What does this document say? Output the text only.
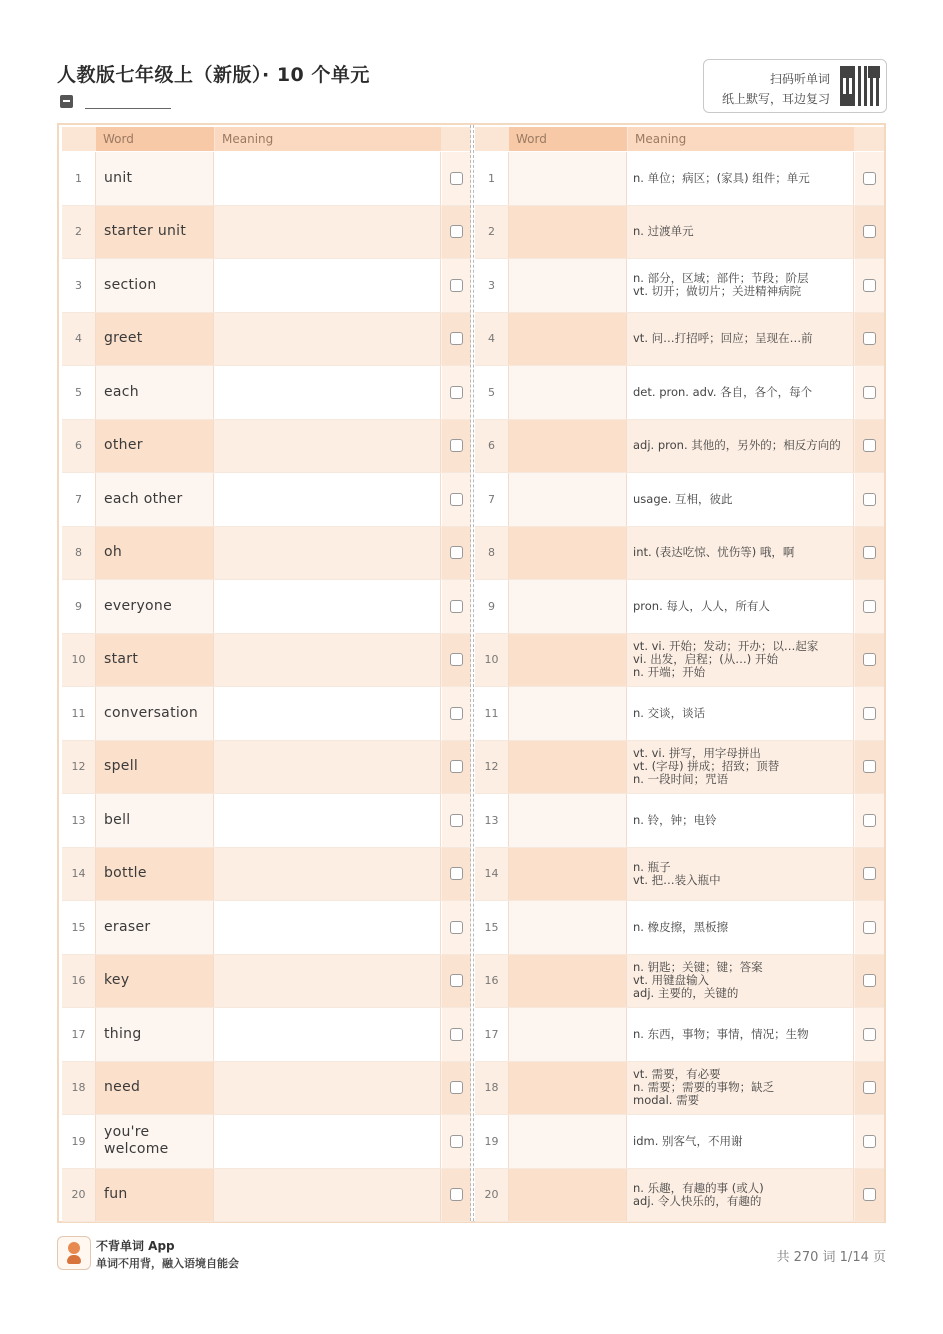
人教版七年级上（新版）· 10 个单元	扫码听单词
纸上默写，耳边复习
Word	Meaning
1	unit
2	starter unit
3	section
4	greet
5	each
6	other
7	each other
8	oh
9	everyone
10	start
11	conversation
12	spell
13	bell
14	bottle
15	eraser
16	key
17	thing
18	need
19
you're welcome
20	fun
Word	Meaning
1	n. 单位；病区；(家具) 组件；单元
2	n. 过渡单元
3	n. 部分，区域；部件；节段；阶层
vt. 切开；做切片；关进精神病院
4	vt. 问…打招呼；回应；呈现在…前
5	det. pron. adv. 各自，各个，每个
6	adj. pron. 其他的，另外的；相反方向的
7	usage. 互相，彼此
8	int. (表达吃惊、忧伤等) 哦，啊
9	pron. 每人，人人，所有人
10
vt. vi. 开始；发动；开办；以…起家
vi. 出发，启程；(从…) 开始
n. 开端；开始
11	n. 交谈，谈话
12
vt. vi. 拼写，用字母拼出
vt. (字母) 拼成；招致；顶替
n. 一段时间；咒语
13	n. 铃，钟；电铃
14	n. 瓶子
vt. 把…装入瓶中
15	n. 橡皮擦，黑板擦
16
n. 钥匙；关键；键；答案
vt. 用键盘输入
adj. 主要的，关键的
17	n. 东西，事物；事情，情况；生物
18
vt. 需要，有必要
n. 需要；需要的事物；缺乏
modal. 需要
19	idm. 别客气，不用谢
20	n. 乐趣，有趣的事 (或人)
adj. 令人快乐的，有趣的
不背单词 App
单词不用背，融入语境自能会	共 270 词 1/14 页
